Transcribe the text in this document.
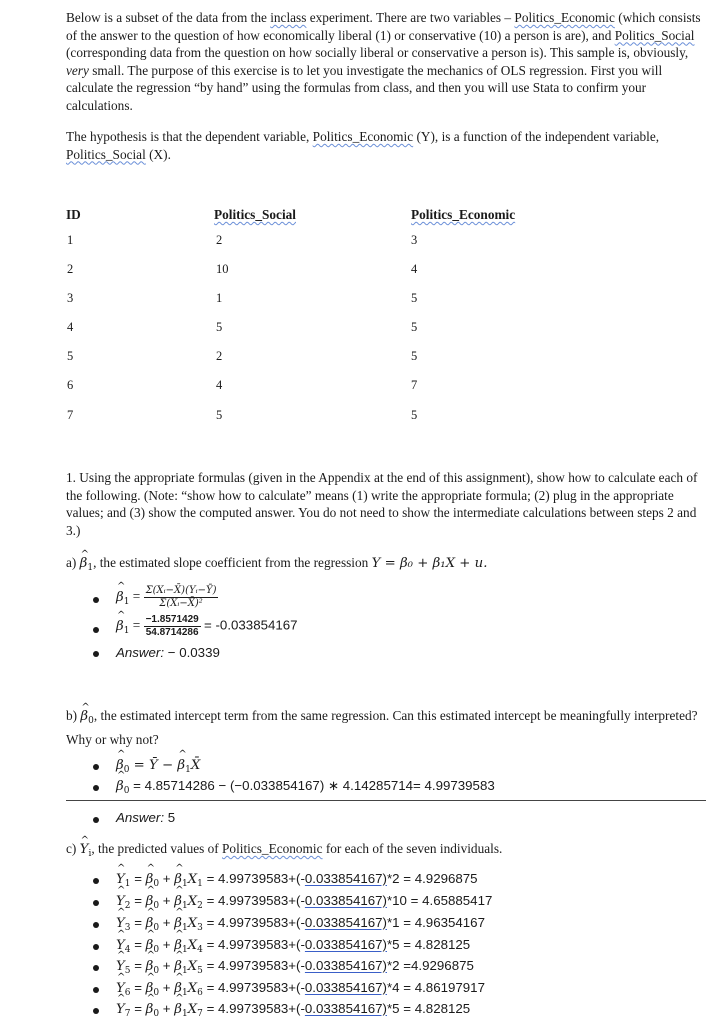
Below is a subset of the data from the inclass experiment. There are two variables – Politics_Economic (which consists of the answer to the question of how economically liberal (1) or conservative (10) a person is are), and Politics_Social (corresponding data from the question on how socially liberal or conservative a person is). This sample is, obviously, very small. The purpose of this exercise is to let you investigate the mechanics of OLS regression. First you will calculate the regression “by hand” using the formulas from class, and then you will use Stata to confirm your calculations.
The hypothesis is that the dependent variable, Politics_Economic (Y), is a function of the independent variable, Politics_Social (X).
ID	Politics_Social	Politics_Economic
1	2	3
2	10	4
3	1	5
4	5	5
5	2	5
6	4	7
7	5	5
1. Using the appropriate formulas (given in the Appendix at the end of this assignment), show how to calculate each of the following. (Note: “show how to calculate” means (1) write the appropriate formula; (2) plug in the appropriate values; and (3) show the computed answer. You do not need to show the intermediate calculations between steps 2 and 3.)
a) ^ $\beta_1$, the estimated slope coefficient from the regression Y = β₀ + β₁X + u.
^ $\beta_1 = \frac{\text{Σ(Xᵢ−X̄)(Yᵢ−Ȳ)}}{\text{Σ(Xᵢ−X̄)²}}$
^ $\beta_1 = \frac{-1.8571429}{54.8714286} = -0.033854167$
Answer: − 0.0339
b) ^ $\beta_0$, the estimated intercept term from the same regression. Can this estimated intercept be meaningfully interpreted? Why or why not?
^ $\beta_0$ = Ȳ − ^ $\beta_1X̄$
^ $\beta_0 = 4.85714286 - (-0.033854167)$ ∗ 4.14285714= 4.99739583
Answer: 5
c) ^ $Y_i$, the predicted values of Politics_Economic for each of the seven individuals.
^ $Y_1$ = ^ $\beta_0$ + ^ $\beta_1X_1 = 4.99739583+(-0.033854167)*2 = 4.9296875$
^ $Y_2$ = ^ $\beta_0$ + ^ $\beta_1X_2 = 4.99739583+(-0.033854167)*10 = 4.65885417$
^ $Y_3$ = ^ $\beta_0$ + ^ $\beta_1X_3 = 4.99739583+(-0.033854167)*1 = 4.96354167$
^ $Y_4$ = ^ $\beta_0$ + ^ $\beta_1X_4 = 4.99739583+(-0.033854167)*5 = 4.828125$
^ $Y_5$ = ^ $\beta_0$ + ^ $\beta_1X_5 = 4.99739583+(-0.033854167)*2 =4.9296875$
^ $Y_6$ = ^ $\beta_0$ + ^ $\beta_1X_6 = 4.99739583+(-0.033854167)*4 = 4.86197917$
^ $Y_7$ = ^ $\beta_0$ + ^ $\beta_1X_7 = 4.99739583+(-0.033854167)*5 = 4.828125$
